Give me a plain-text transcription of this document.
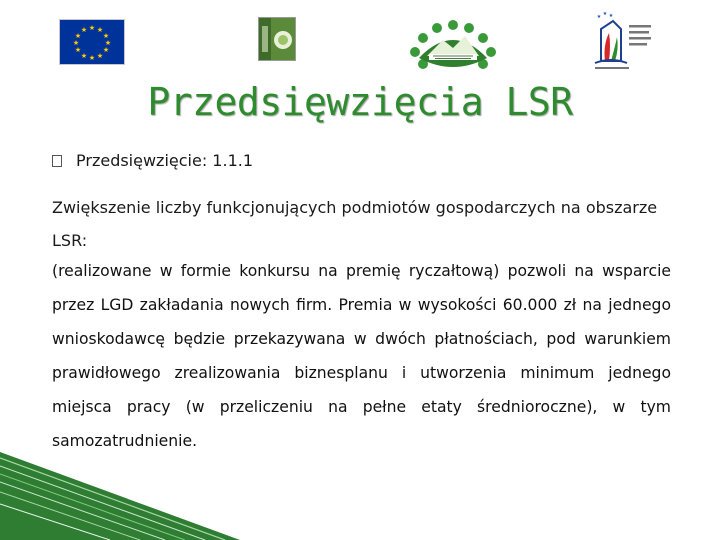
★ ★
★
★
★
★
★
★
★
★
★
★
★ ★ ★
Przedsięwzięcia LSR
Przedsięwzięcie: 1.1.1
Zwiększenie liczby funkcjonujących podmiotów gospodarczych na obszarze LSR:
(realizowane w formie konkursu na premię ryczałtową) pozwoli na wsparcie przez LGD zakładania nowych firm. Premia w wysokości 60.000 zł na jednego wnioskodawcę będzie przekazywana w dwóch płatnościach, pod warunkiem prawidłowego zrealizowania biznesplanu i utworzenia minimum jednego miejsca pracy (w przeliczeniu na pełne etaty średnioroczne), w tym samozatrudnienie.
